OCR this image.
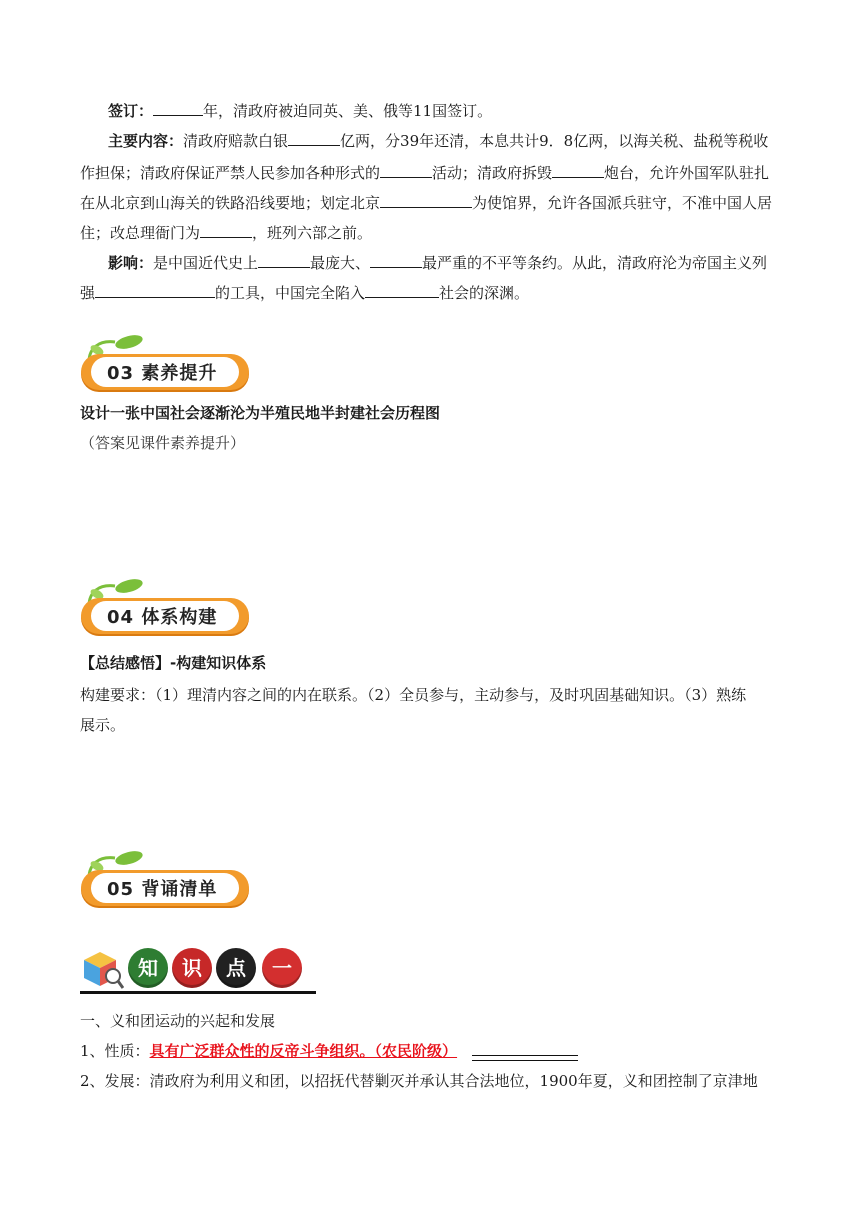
签订：	年，清政府被迫同英、美、俄等11国签订。
主要内容：清政府赔款白银	亿两，分39年还清，本息共计9．8亿两，以海关税、盐税等税收
作担保；清政府保证严禁人民参加各种形式的	活动；清政府拆毁	炮台，允许外国军队驻扎
在从北京到山海关的铁路沿线要地；划定北京	为使馆界，允许各国派兵驻守，不准中国人居
住；改总理衙门为	，班列六部之前。
影响：是中国近代史上	最庞大、	最严重的不平等条约。从此，清政府沦为帝国主义列
强	的工具，中国完全陷入	社会的深渊。
03 素养提升
设计一张中国社会逐渐沦为半殖民地半封建社会历程图
（答案见课件素养提升）
04 体系构建
【总结感悟】-构建知识体系
构建要求：（1）理清内容之间的内在联系。（2）全员参与，主动参与，及时巩固基础知识。（3）熟练
展示。
05 背诵清单
知	识	点	一
一、义和团运动的兴起和发展
1、性质：具有广泛群众性的反帝斗争组织。（农民阶级）
2、发展：清政府为利用义和团，以招抚代替剿灭并承认其合法地位，1900年夏，义和团控制了京津地
